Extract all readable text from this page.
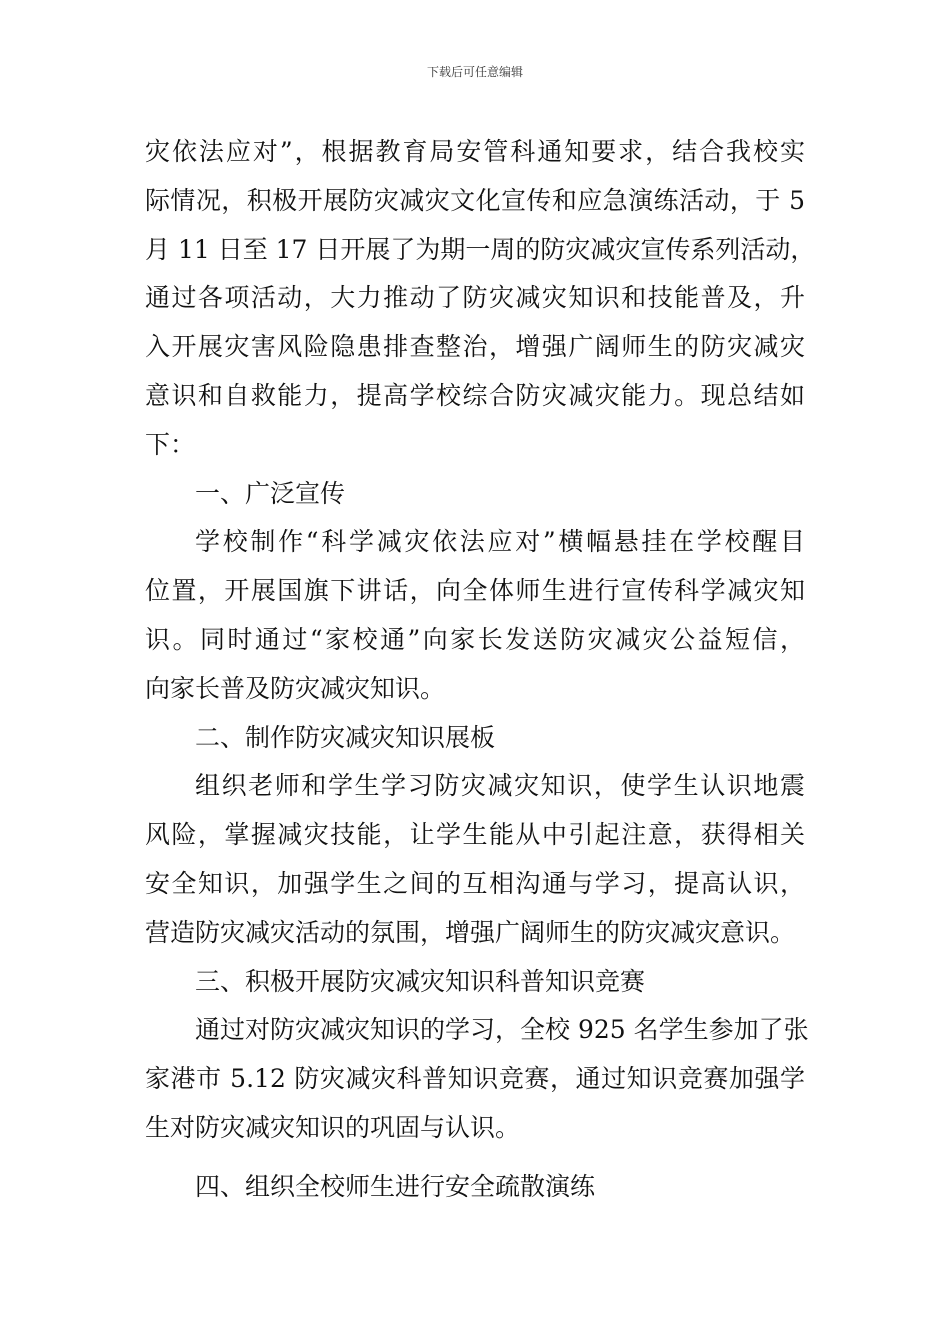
下载后可任意编辑
灾依法应对”，根据教育局安管科通知要求，结合我校实
际情况，积极开展防灾减灾文化宣传和应急演练活动，于 5
月 11 日至 17 日开展了为期一周的防灾减灾宣传系列活动，
通过各项活动，大力推动了防灾减灾知识和技能普及，升
入开展灾害风险隐患排查整治，增强广阔师生的防灾减灾
意识和自救能力，提高学校综合防灾减灾能力。现总结如
下：
一、广泛宣传
学校制作“科学减灾依法应对”横幅悬挂在学校醒目
位置，开展国旗下讲话，向全体师生进行宣传科学减灾知
识。同时通过“家校通”向家长发送防灾减灾公益短信，
向家长普及防灾减灾知识。
二、制作防灾减灾知识展板
组织老师和学生学习防灾减灾知识，使学生认识地震
风险，掌握减灾技能，让学生能从中引起注意，获得相关
安全知识，加强学生之间的互相沟通与学习，提高认识，
营造防灾减灾活动的氛围，增强广阔师生的防灾减灾意识。
三、积极开展防灾减灾知识科普知识竞赛
通过对防灾减灾知识的学习，全校 925 名学生参加了张
家港市 5.12 防灾减灾科普知识竞赛，通过知识竞赛加强学
生对防灾减灾知识的巩固与认识。
四、组织全校师生进行安全疏散演练
